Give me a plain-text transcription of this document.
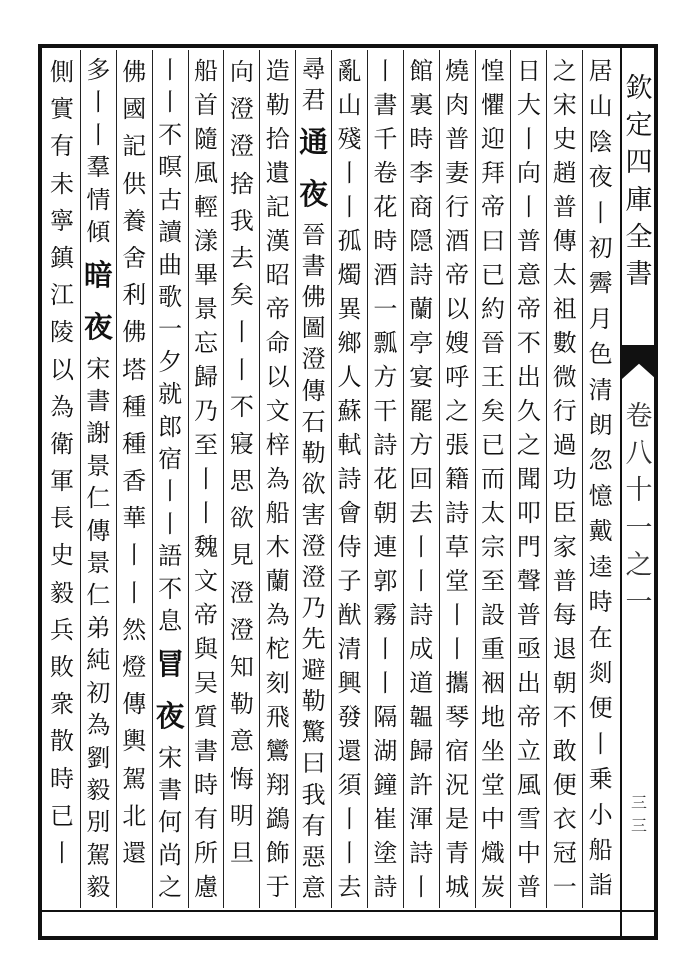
欽
定
四
庫
全
書
卷
八
十
一
之
一
三三
居
山
陰
夜
丨
初
霽
月
色
清
朗
忽
憶
戴
逵
時
在
剡
便
丨
乗
小
船
詣
之
宋
史
趙
普
傳
太
祖
數
微
行
過
功
臣
家
普
每
退
朝
不
敢
便
衣
冠
一
日
大
丨
向
丨
普
意
帝
不
出
久
之
聞
叩
門
聲
普
亟
出
帝
立
風
雪
中
普
惶
懼
迎
拜
帝
曰
已
約
晉
王
矣
已
而
太
宗
至
設
重
裀
地
坐
堂
中
熾
炭
燒
肉
普
妻
行
酒
帝
以
嫂
呼
之
張
籍
詩
草
堂
丨
丨
攜
琴
宿
況
是
青
城
館
裏
時
李
商
隠
詩
蘭
亭
宴
罷
方
回
去
丨
丨
詩
成
道
韞
歸
許
渾
詩
丨
丨
書
千
卷
花
時
酒
一
瓢
方
干
詩
花
朝
連
郭
霧
丨
丨
隔
湖
鐘
崔
塗
詩
亂
山
殘
丨
丨
孤
燭
異
鄉
人
蘇
軾
詩
會
侍
子
猷
清
興
發
還
須
丨
丨
去
尋
君
通
夜
晉
書
佛
圖
澄
傳
石
勒
欲
害
澄
澄
乃
先
避
勒
驚
曰
我
有
惡
意
造
勒
拾
遺
記
漢
昭
帝
命
以
文
梓
為
船
木
蘭
為
柁
刻
飛
鸞
翔
鷁
飾
于
向
澄
澄
捨
我
去
矣
丨
丨
不
寢
思
欲
見
澄
澄
知
勒
意
悔
明
旦
船
首
隨
風
輕
漾
畢
景
忘
歸
乃
至
丨
丨
魏
文
帝
與
吴
質
書
時
有
所
慮
丨
丨
不
暝
古
讀
曲
歌
一
夕
就
郎
宿
丨
丨
語
不
息
冒
夜
宋
書
何
尚
之
佛
國
記
供
養
舍
利
佛
塔
種
種
香
華
丨
丨
然
燈
傳
輿
駕
北
還
多
丨
丨
羣
情
傾
暗
夜
宋
書
謝
景
仁
傳
景
仁
弟
純
初
為
劉
毅
別
駕
毅
側
實
有
未
寧
鎮
江
陵
以
為
衛
軍
長
史
毅
兵
敗
衆
散
時
已
丨
